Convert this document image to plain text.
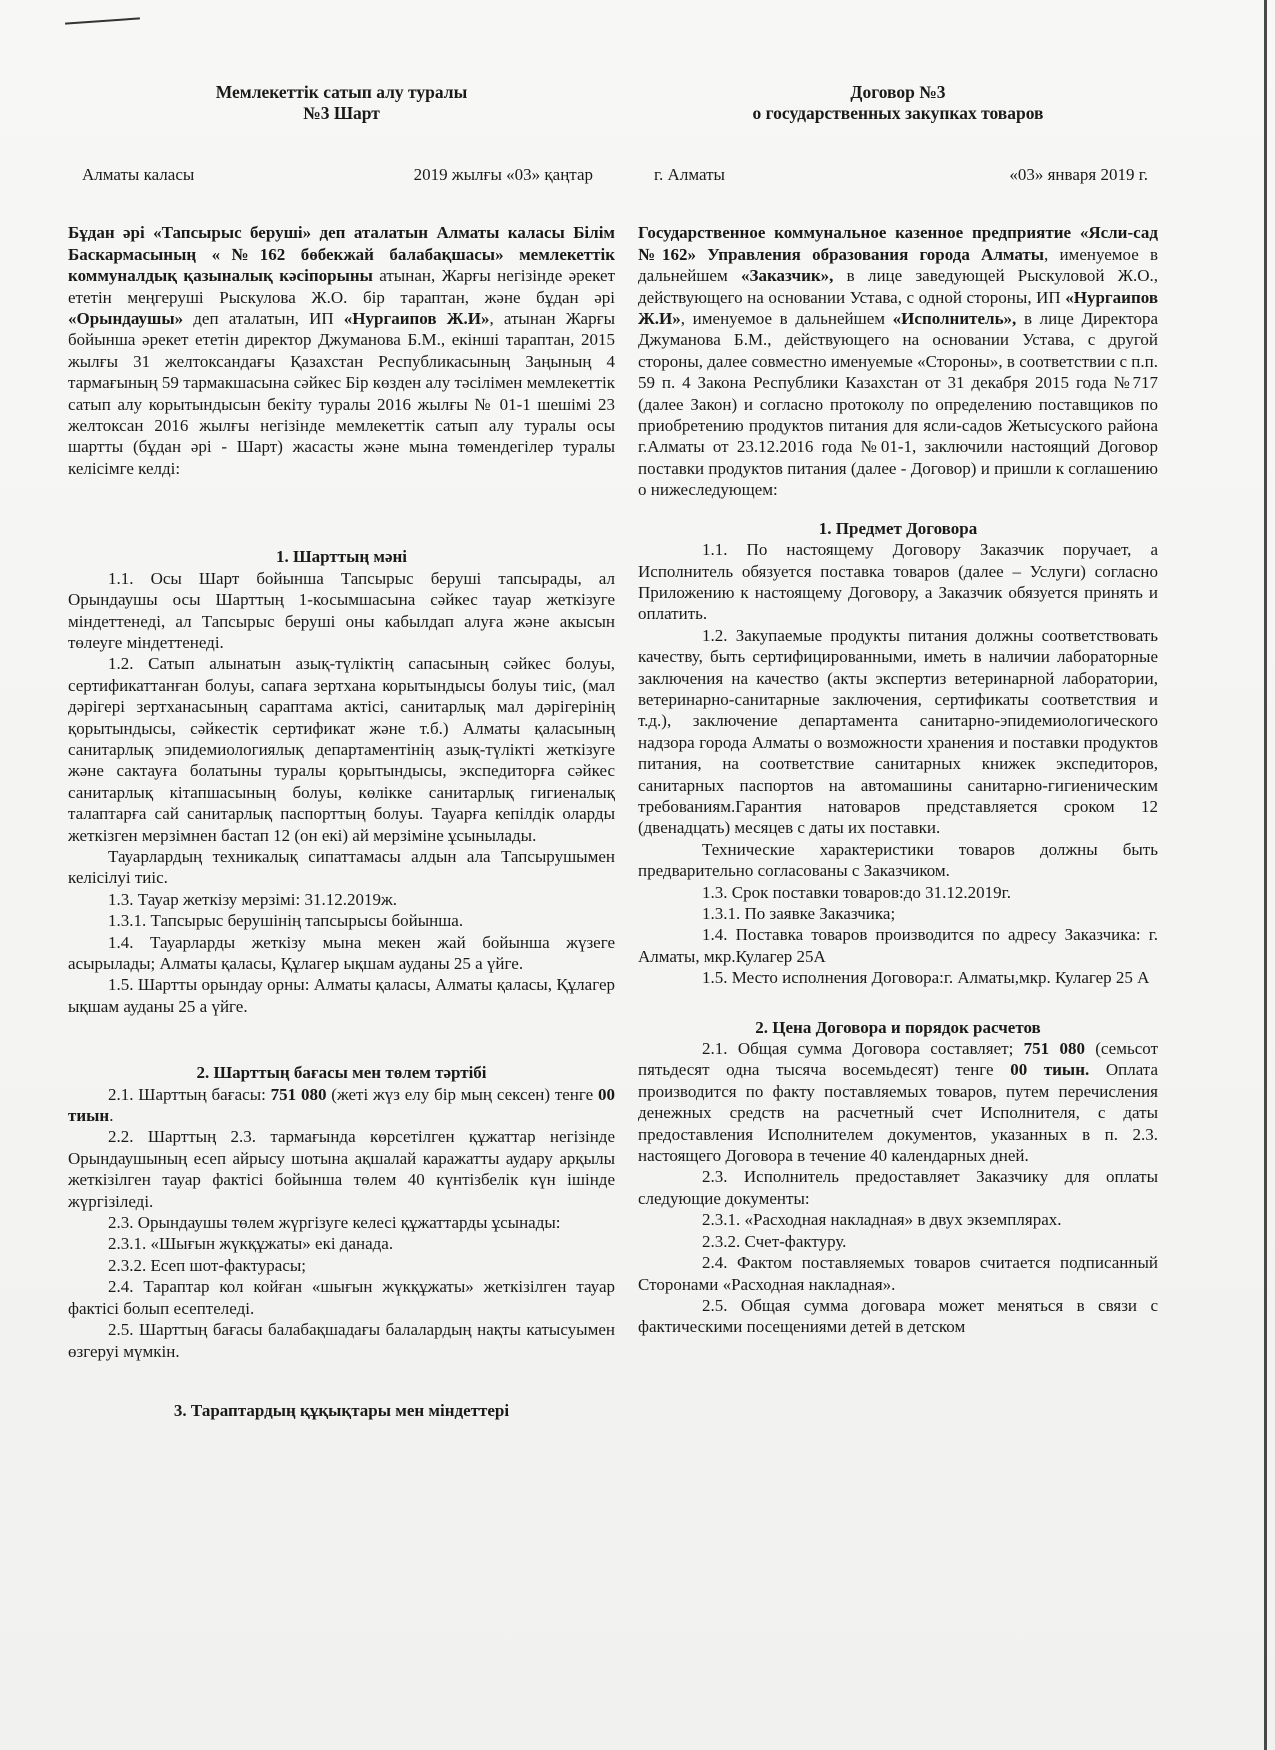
Мемлекеттік сатып алу туралы

№3 Шарт

Алматы каласы	2019 жылғы «03» қаңтар

Бұдан әрі «Тапсырыс беруші» деп аталатын Алматы каласы Білім Баскармасының «№162 бөбекжай балабақшасы» мемлекеттік коммуналдық қазыналық кәсіпорыны атынан, Жарғы негізінде әрекет ететін меңгеруші Рыскулова Ж.О. бір тараптан, және бұдан әрі «Орындаушы» деп аталатын, ИП «Нургаипов Ж.И», атынан Жарғы бойынша әрекет ететін директор Джуманова Б.М., екінші тараптан, 2015 жылғы 31 желтоксандағы Қазахстан Республикасының Заңының 4 тармағының 59 тармакшасына сәйкес Бір көзден алу тәсілімен мемлекеттік сатып алу корытындысын бекіту туралы 2016 жылғы № 01-1 шешімі 23 желтоксан 2016 жылғы негізінде мемлекеттік сатып алу туралы осы шартты (бұдан әрі - Шарт) жасасты және мына төмендегілер туралы келісімге келді:

1. Шарттың мәні

1.1. Осы Шарт бойынша Тапсырыс беруші тапсырады, ал Орындаушы осы Шарттың 1-косымшасына сәйкес тауар жеткізуге міндеттенеді, ал Тапсырыс беруші оны кабылдап алуға және акысын төлеуге міндеттенеді.

1.2. Сатып алынатын азық-түліктің сапасының сәйкес болуы, сертификаттанған болуы, сапаға зертхана корытындысы болуы тиіс, (мал дәрігері зертханасының сараптама актісі, санитарлық мал дәрігерінің қорытындысы, сәйкестік сертификат және т.б.) Алматы қаласының санитарлық эпидемиологиялық департаментінің азық-түлікті жеткізуге және сактауға болатыны туралы қорытындысы, экспедиторға сәйкес санитарлық кітапшасының болуы, көлікке санитарлық гигиеналық талаптарға сай санитарлық паспорттың болуы. Тауарға кепілдік оларды жеткізген мерзімнен бастап 12 (он екі) ай мерзіміне ұсынылады.

Тауарлардың техникалық сипаттамасы алдын ала Тапсырушымен келісілуі тиіс.

1.3. Тауар жеткізу мерзімі: 31.12.2019ж.

1.3.1. Тапсырыс берушінің тапсырысы бойынша.

1.4. Тауарларды жеткізу мына мекен жай бойынша жүзеге асырылады; Алматы қаласы, Құлагер ықшам ауданы 25 а үйге.

1.5. Шартты орындау орны: Алматы қаласы, Алматы қаласы, Құлагер ықшам ауданы 25 а үйге.

2. Шарттың бағасы мен төлем тәртібі

2.1. Шарттың бағасы: 751 080 (жеті жүз елу бір мың сексен) тенге 00 тиын.

2.2. Шарттың 2.3. тармағында көрсетілген құжаттар негізінде Орындаушының есеп айрысу шотына ақшалай каражатты аудару арқылы жеткізілген тауар фактісі бойынша төлем 40 күнтізбелік күн ішінде жүргізіледі.

2.3. Орындаушы төлем жүргізуге келесі құжаттарды ұсынады:

2.3.1. «Шығын жүкқұжаты» екі данада.

2.3.2. Есеп шот-фактурасы;

2.4. Тараптар кол койған «шығын жүкқұжаты» жеткізілген тауар фактісі болып есептеледі.

2.5. Шарттың бағасы балабақшадағы балалардың нақты катысуымен өзгеруі мүмкін.

3. Тараптардың құқықтары мен міндеттері

Договор №3

о государственных закупках товаров

г. Алматы	«03» января 2019 г.

Государственное коммунальное казенное предприятие «Ясли-сад №162» Управления образования города Алматы, именуемое в дальнейшем «Заказчик», в лице заведующей Рыскуловой Ж.О., действующего на основании Устава, с одной стороны, ИП «Нургаипов Ж.И», именуемое в дальнейшем «Исполнитель», в лице Директора Джуманова Б.М., действующего на основании Устава, с другой стороны, далее совместно именуемые «Стороны», в соответствии с п.п. 59 п. 4 Закона Республики Казахстан от 31 декабря 2015 года №717 (далее Закон) и согласно протоколу по определению поставщиков по приобретению продуктов питания для ясли-садов Жетысуского района г.Алматы от 23.12.2016 года №01-1, заключили настоящий Договор поставки продуктов питания (далее - Договор) и пришли к соглашению о нижеследующем:

1. Предмет Договора

1.1. По настоящему Договору Заказчик поручает, а Исполнитель обязуется поставка товаров (далее – Услуги) согласно Приложению к настоящему Договору, а Заказчик обязуется принять и оплатить.

1.2. Закупаемые продукты питания должны соответствовать качеству, быть сертифицированными, иметь в наличии лабораторные заключения на качество (акты экспертиз ветеринарной лаборатории, ветеринарно-санитарные заключения, сертификаты соответствия и т.д.), заключение департамента санитарно-эпидемиологического надзора города Алматы о возможности хранения и поставки продуктов питания, на соответствие санитарных книжек экспедиторов, санитарных паспортов на автомашины санитарно-гигиеническим требованиям.Гарантия натоваров представляется сроком 12 (двенадцать) месяцев с даты их поставки.

Технические характеристики товаров должны быть предварительно согласованы с Заказчиком.

1.3. Срок поставки товаров:до 31.12.2019г.

1.3.1. По заявке Заказчика;

1.4. Поставка товаров производится по адресу Заказчика: г. Алматы, мкр.Кулагер 25А

1.5. Место исполнения Договора:г. Алматы,мкр. Кулагер 25 А

2. Цена Договора и порядок расчетов

2.1. Общая сумма Договора составляет; 751 080 (семьсот пятьдесят одна тысяча восемьдесят) тенге 00 тиын. Оплата производится по факту поставляемых товаров, путем перечисления денежных средств на расчетный счет Исполнителя, с даты предоставления Исполнителем документов, указанных в п. 2.3. настоящего Договора в течение 40 календарных дней.

2.3. Исполнитель предоставляет Заказчику для оплаты следующие документы:

2.3.1. «Расходная накладная» в двух экземплярах.

2.3.2. Счет-фактуру.

2.4. Фактом поставляемых товаров считается подписанный Сторонами «Расходная накладная».

2.5. Общая сумма договара может меняться в связи с фактическими посещениями детей в детском
